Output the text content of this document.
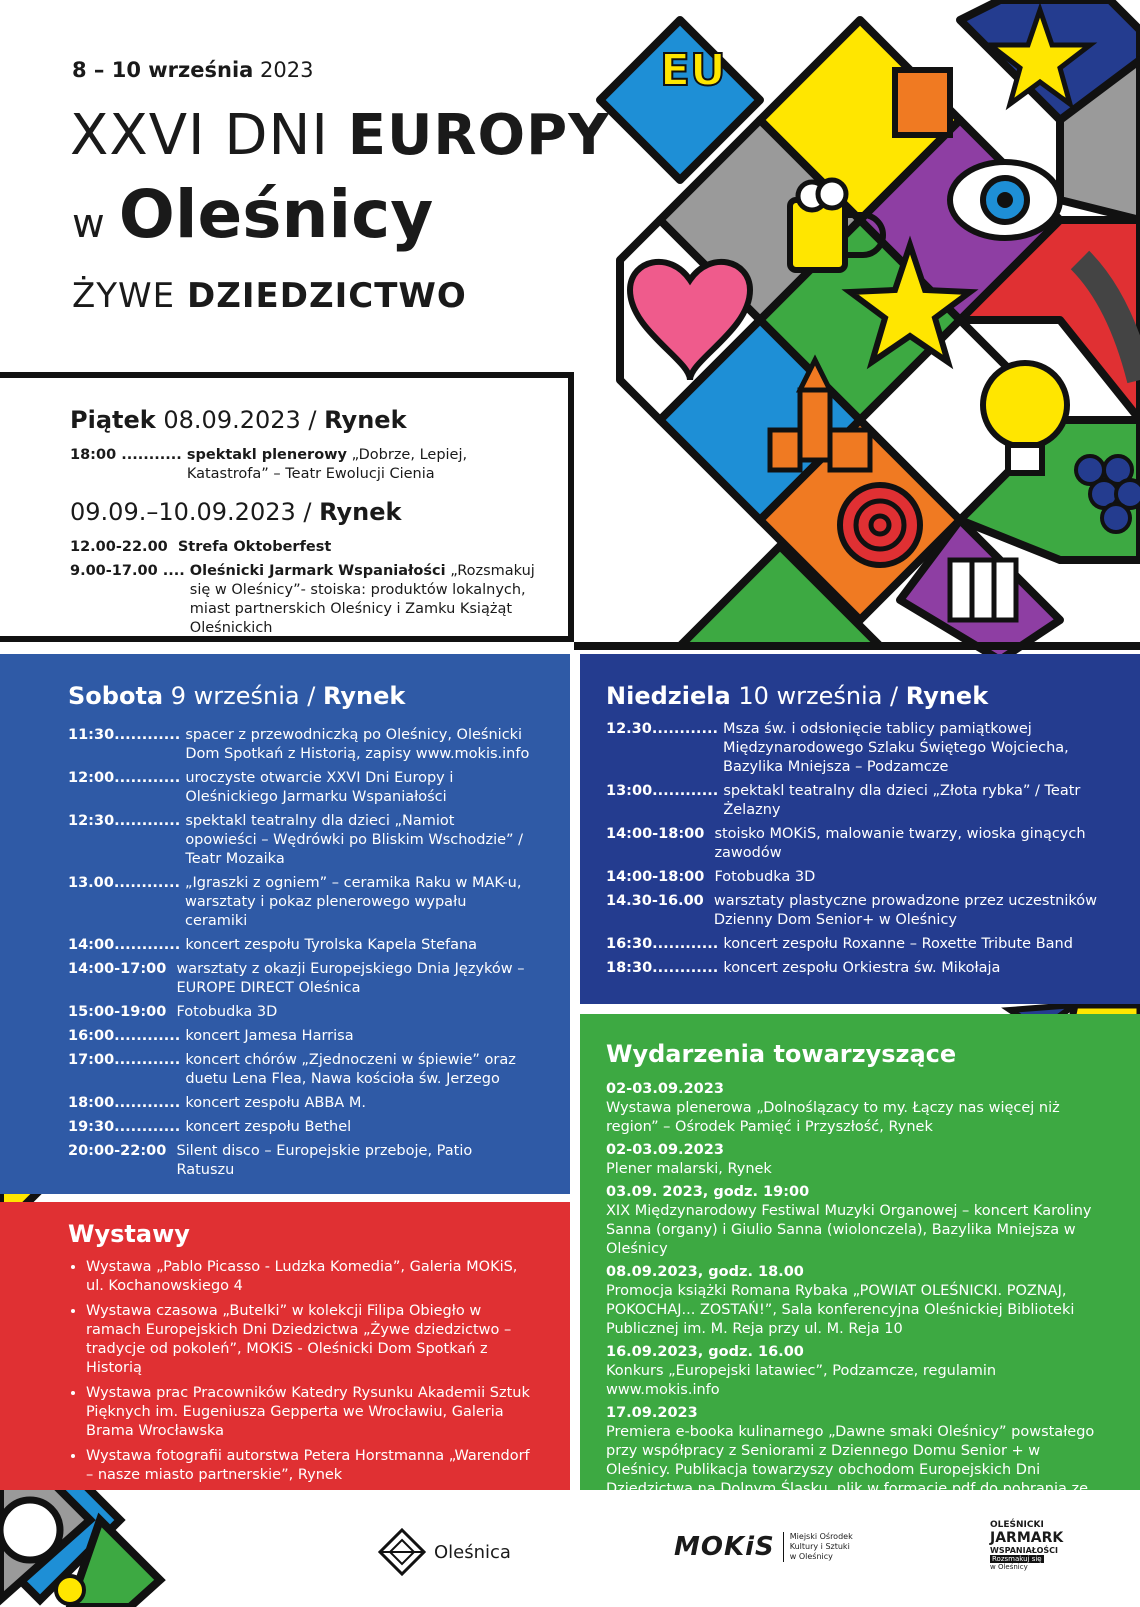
EU
8 – 10 września 2023
XXVI DNI EUROPY
w Oleśnicy
ŻYWE DZIEDZICTWO

Piątek 08.09.2023 / Rynek

18:00 ........... spektakl plenerowy „Dobrze, Lepiej, Katastrofa” – Teatr Ewolucji Cienia

09.09.–10.09.2023 / Rynek

12.00-22.00 Strefa Oktoberfest
9.00-17.00 .... Oleśnicki Jarmark Wspaniałości „Rozsmakuj się w Oleśnicy”- stoiska: produktów lokalnych, miast partnerskich Oleśnicy i Zamku Książąt Oleśnickich

Sobota 9 września / Rynek

11:30............ spacer z przewodniczką po Oleśnicy, Oleśnicki Dom Spotkań z Historią, zapisy www.mokis.info
12:00............ uroczyste otwarcie XXVI Dni Europy i Oleśnickiego Jarmarku Wspaniałości
12:30............ spektakl teatralny dla dzieci „Namiot opowieści – Wędrówki po Bliskim Wschodzie” / Teatr Mozaika
13.00............ „Igraszki z ogniem” – ceramika Raku w MAK-u, warsztaty i pokaz plenerowego wypału ceramiki
14:00............ koncert zespołu Tyrolska Kapela Stefana
14:00-17:00 warsztaty z okazji Europejskiego Dnia Języków – EUROPE DIRECT Oleśnica
15:00-19:00 Fotobudka 3D
16:00............ koncert Jamesa Harrisa
17:00............ koncert chórów „Zjednoczeni w śpiewie” oraz duetu Lena Flea, Nawa kościoła św. Jerzego
18:00............ koncert zespołu ABBA M.
19:30............ koncert zespołu Bethel
20:00-22:00 Silent disco – Europejskie przeboje, Patio Ratuszu

Niedziela 10 września / Rynek

12.30............ Msza św. i odsłonięcie tablicy pamiątkowej Międzynarodowego Szlaku Świętego Wojciecha, Bazylika Mniejsza – Podzamcze
13:00............ spektakl teatralny dla dzieci „Złota rybka” / Teatr Żelazny
14:00-18:00 stoisko MOKiS, malowanie twarzy, wioska ginących zawodów
14:00-18:00 Fotobudka 3D
14.30-16.00 warsztaty plastyczne prowadzone przez uczestników Dzienny Dom Senior+ w Oleśnicy
16:30............ koncert zespołu Roxanne – Roxette Tribute Band
18:30............ koncert zespołu Orkiestra św. Mikołaja

Wydarzenia towarzyszące

02-03.09.2023
Wystawa plenerowa „Dolnoślązacy to my. Łączy nas więcej niż region” – Ośrodek Pamięć i Przyszłość, Rynek
02-03.09.2023
Plener malarski, Rynek
03.09. 2023, godz. 19:00
XIX Międzynarodowy Festiwal Muzyki Organowej – koncert Karoliny Sanna (organy) i Giulio Sanna (wiolonczela), Bazylika Mniejsza w Oleśnicy
08.09.2023, godz. 18.00
Promocja książki Romana Rybaka „POWIAT OLEŚNICKI. POZNAJ, POKOCHAJ... ZOSTAŃ!”, Sala konferencyjna Oleśnickiej Biblioteki Publicznej im. M. Reja przy ul. M. Reja 10
16.09.2023, godz. 16.00
Konkurs „Europejski latawiec”, Podzamcze, regulamin www.mokis.info
17.09.2023
Premiera e-booka kulinarnego „Dawne smaki Oleśnicy” powstałego przy współpracy z Seniorami z Dziennego Domu Senior + w Oleśnicy. Publikacja towarzyszy obchodom Europejskich Dni Dziedzictwa na Dolnym Śląsku, plik w formacie pdf do pobrania ze strony www.mokis.info

Wystawy

• Wystawa „Pablo Picasso - Ludzka Komedia”, Galeria MOKiS, ul. Kochanowskiego 4
• Wystawa czasowa „Butelki” w kolekcji Filipa Obiegło w ramach Europejskich Dni Dziedzictwa „Żywe dziedzictwo – tradycje od pokoleń”, MOKiS - Oleśnicki Dom Spotkań z Historią
• Wystawa prac Pracowników Katedry Rysunku Akademii Sztuk Pięknych im. Eugeniusza Gepperta we Wrocławiu, Galeria Brama Wrocławska
• Wystawa fotografii autorstwa Petera Horstmanna „Warendorf – nasze miasto partnerskie”, Rynek
Oleśnica	MOKiS Miejski Ośrodek
Kultury i Sztuki
w Oleśnicy
OLEŚNICKI
JARMARK
WSPANIAŁOŚCI
Rozsmakuj się
w Oleśnicy
